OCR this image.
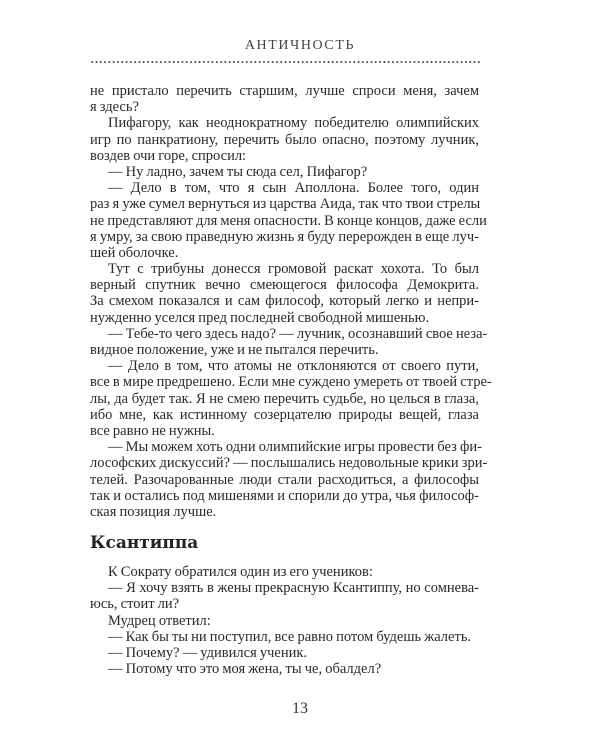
АНТИЧНОСТЬ
не пристало перечить старшим, лучше спроси меня, зачем
я здесь?
Пифагору, как неоднократному победителю олимпийских
игр по панкратиону, перечить было опасно, поэтому лучник,
воздев очи горе, спросил:
— Ну ладно, зачем ты сюда сел, Пифагор?
— Дело в том, что я сын Аполлона. Более того, один
раз я уже сумел вернуться из царства Аида, так что твои стрелы
не представляют для меня опасности. В конце концов, даже если
я умру, за свою праведную жизнь я буду перерожден в еще луч-
шей оболочке.
Тут с трибуны донесся громовой раскат хохота. То был
верный спутник вечно смеющегося философа Демокрита.
За смехом показался и сам философ, который легко и непри-
нужденно уселся пред последней свободной мишенью.
— Тебе-то чего здесь надо? — лучник, осознавший свое неза-
видное положение, уже и не пытался перечить.
— Дело в том, что атомы не отклоняются от своего пути,
все в мире предрешено. Если мне суждено умереть от твоей стре-
лы, да будет так. Я не смею перечить судьбе, но целься в глаза,
ибо мне, как истинному созерцателю природы вещей, глаза
все равно не нужны.
— Мы можем хоть одни олимпийские игры провести без фи-
лософских дискуссий? — послышались недовольные крики зри-
телей. Разочарованные люди стали расходиться, а философы
так и остались под мишенями и спорили до утра, чья философ-
ская позиция лучше.
Ксантиппа
К Сократу обратился один из его учеников:
— Я хочу взять в жены прекрасную Ксантиппу, но сомнева-
юсь, стоит ли?
Мудрец ответил:
— Как бы ты ни поступил, все равно потом будешь жалеть.
— Почему? — удивился ученик.
— Потому что это моя жена, ты че, обалдел?
13
